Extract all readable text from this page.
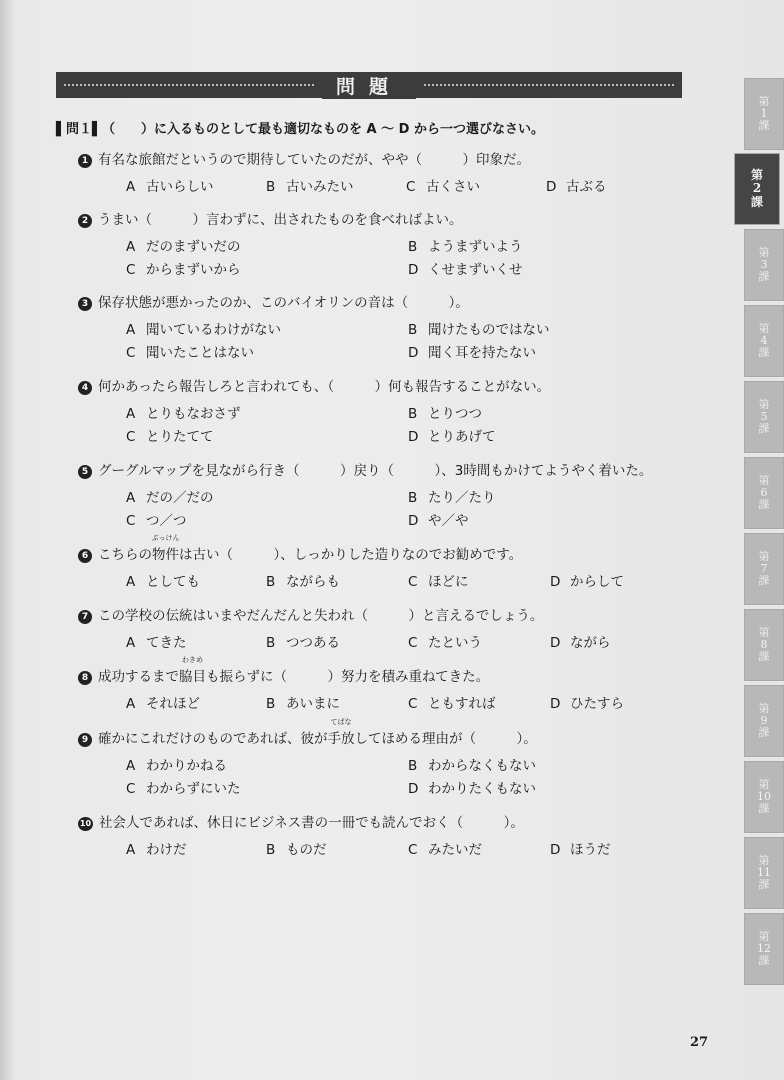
問題
▌問１▌（　　）に入るものとして最も適切なものを A ～ D から一つ選びなさい。
1 有名な旅館だというので期待していたのだが、やや（　　　）印象だ。
A 古いらしい	B 古いみたい	C 古くさい	D 古ぶる
2 うまい（　　　）言わずに、出されたものを食べればよい。
A だのまずいだの	B ようまずいよう
C からまずいから	D くせまずいくせ
3 保存状態が悪かったのか、このバイオリンの音は（　　　）。
A 聞いているわけがない	B 聞けたものではない
C 聞いたことはない	D 聞く耳を持たない
4 何かあったら報告しろと言われても、（　　　）何も報告することがない。
A とりもなおさず	B とりつつ
C とりたてて	D とりあげて
5 グーグルマップを見ながら行き（　　　）戻り（　　　）、3時間もかけてようやく着いた。
A だの／だの	B たり／たり
C つ／つ	D や／や
6 こちらの
ぶっけん
物件は古い（　　　）、しっかりした造りなのでお勧めです。
A としても	B ながらも	C ほどに	D からして
7 この学校の伝統はいまやだんだんと失われ（　　　）と言えるでしょう。
A てきた	B つつある	C たという	D ながら
8 成功するまで
わきめ
脇目も振らずに（　　　）努力を積み重ねてきた。
A それほど	B あいまに	C ともすれば	D ひたすら
9 確かにこれだけのものであれば、彼が
てばな
手放してほめる理由が（　　　）。
A わかりかねる	B わからなくもない
C わからずにいた	D わかりたくもない
10 社会人であれば、休日にビジネス書の一冊でも読んでおく（　　　）。
A わけだ	B ものだ	C みたいだ	D ほうだ
27
第
1
課
第
2
課
第
3
課
第
4
課
第
5
課
第
6
課
第
7
課
第
8
課
第
9
課
第
10
課
第
11
課
第
12
課
